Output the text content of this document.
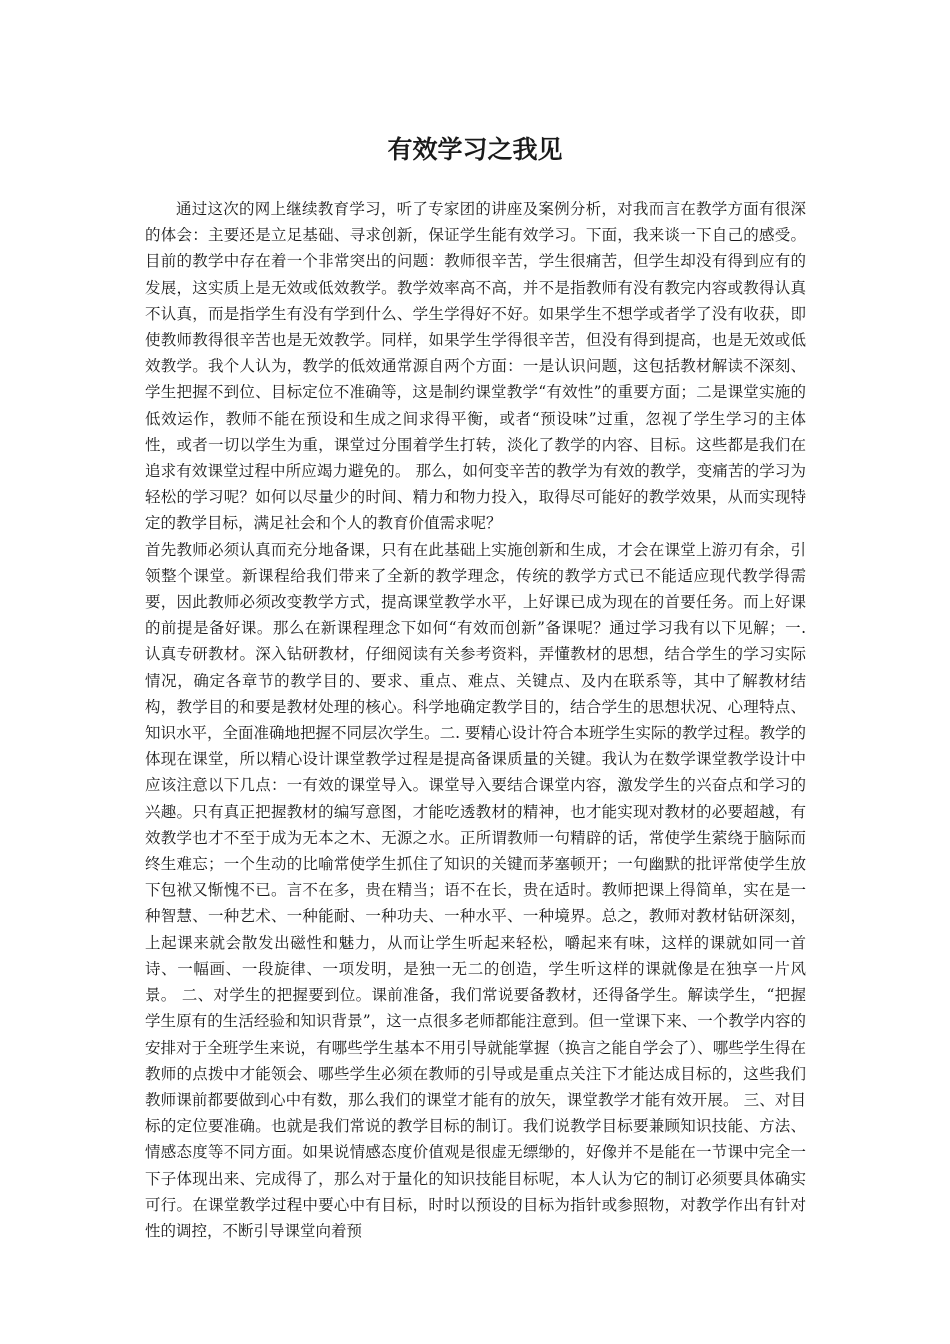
有效学习之我见

通过这次的网上继续教育学习，听了专家团的讲座及案例分析，对我而言在教学方面有很深的体会：主要还是立足基础、寻求创新，保证学生能有效学习。下面，我来谈一下自己的感受。目前的教学中存在着一个非常突出的问题：教师很辛苦，学生很痛苦，但学生却没有得到应有的发展，这实质上是无效或低效教学。教学效率高不高，并不是指教师有没有教完内容或教得认真不认真，而是指学生有没有学到什么、学生学得好不好。如果学生不想学或者学了没有收获，即使教师教得很辛苦也是无效教学。同样，如果学生学得很辛苦，但没有得到提高，也是无效或低效教学。我个人认为，教学的低效通常源自两个方面：一是认识问题，这包括教材解读不深刻、学生把握不到位、目标定位不准确等，这是制约课堂教学“有效性”的重要方面；二是课堂实施的低效运作，教师不能在预设和生成之间求得平衡，或者“预设味”过重，忽视了学生学习的主体性，或者一切以学生为重，课堂过分围着学生打转，淡化了教学的内容、目标。这些都是我们在追求有效课堂过程中所应竭力避免的。 那么，如何变辛苦的教学为有效的教学，变痛苦的学习为轻松的学习呢？如何以尽量少的时间、精力和物力投入，取得尽可能好的教学效果，从而实现特定的教学目标，满足社会和个人的教育价值需求呢？

首先教师必须认真而充分地备课，只有在此基础上实施创新和生成，才会在课堂上游刃有余，引领整个课堂。新课程给我们带来了全新的教学理念，传统的教学方式已不能适应现代教学得需要，因此教师必须改变教学方式，提高课堂教学水平，上好课已成为现在的首要任务。而上好课的前提是备好课。那么在新课程理念下如何“有效而创新”备课呢？通过学习我有以下见解；一. 认真专研教材。深入钻研教材，仔细阅读有关参考资料，弄懂教材的思想，结合学生的学习实际情况，确定各章节的教学目的、要求、重点、难点、关键点、及内在联系等，其中了解教材结构，教学目的和要是教材处理的核心。科学地确定教学目的，结合学生的思想状况、心理特点、知识水平，全面准确地把握不同层次学生。二. 要精心设计符合本班学生实际的教学过程。教学的体现在课堂，所以精心设计课堂教学过程是提高备课质量的关键。我认为在数学课堂教学设计中应该注意以下几点：一有效的课堂导入。课堂导入要结合课堂内容，激发学生的兴奋点和学习的兴趣。只有真正把握教材的编写意图，才能吃透教材的精神，也才能实现对教材的必要超越，有效教学也才不至于成为无本之木、无源之水。正所谓教师一句精辟的话，常使学生萦绕于脑际而终生难忘；一个生动的比喻常使学生抓住了知识的关键而茅塞顿开；一句幽默的批评常使学生放下包袱又惭愧不已。言不在多，贵在精当；语不在长，贵在适时。教师把课上得简单，实在是一种智慧、一种艺术、一种能耐、一种功夫、一种水平、一种境界。总之，教师对教材钻研深刻，上起课来就会散发出磁性和魅力，从而让学生听起来轻松，嚼起来有味，这样的课就如同一首诗、一幅画、一段旋律、一项发明，是独一无二的创造，学生听这样的课就像是在独享一片风景。 二、对学生的把握要到位。课前准备，我们常说要备教材，还得备学生。解读学生，“把握学生原有的生活经验和知识背景”，这一点很多老师都能注意到。但一堂课下来、一个教学内容的安排对于全班学生来说，有哪些学生基本不用引导就能掌握（换言之能自学会了）、哪些学生得在教师的点拨中才能领会、哪些学生必须在教师的引导或是重点关注下才能达成目标的，这些我们教师课前都要做到心中有数，那么我们的课堂才能有的放矢，课堂教学才能有效开展。 三、对目标的定位要准确。也就是我们常说的教学目标的制订。我们说教学目标要兼顾知识技能、方法、情感态度等不同方面。如果说情感态度价值观是很虚无缥缈的，好像并不是能在一节课中完全一下子体现出来、完成得了，那么对于量化的知识技能目标呢，本人认为它的制订必须要具体确实可行。在课堂教学过程中要心中有目标，时时以预设的目标为指针或参照物，对教学作出有针对性的调控，不断引导课堂向着预
